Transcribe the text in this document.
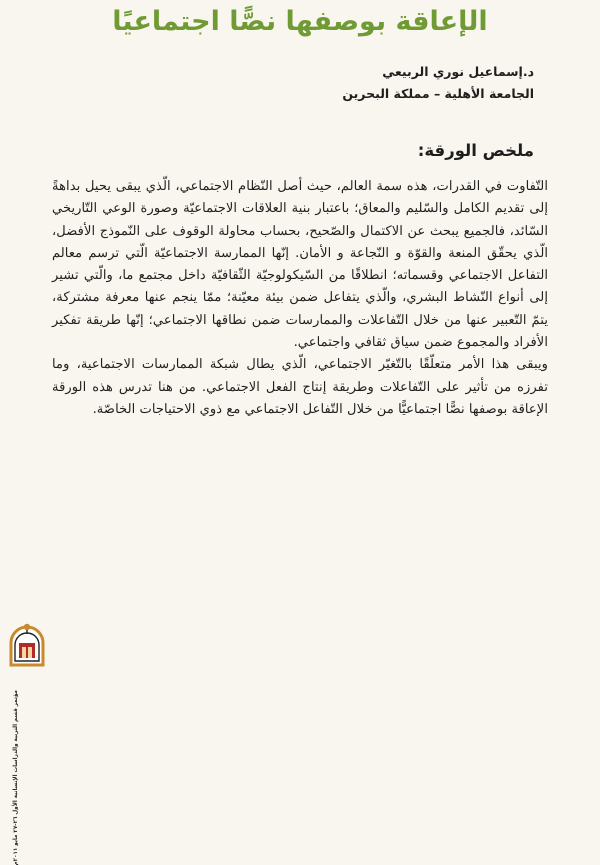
الإعاقة بوصفها نصًّا اجتماعيًا
د.إسماعيل نوري الربيعي
الجامعة الأهلية – مملكة البحرين
ملخص الورقة:

التّفاوت في القدرات، هذه سمة العالم، حيث أصل النّظام الاجتماعي، الّذي يبقى يحيل بداهةً إلى تقديم الكامل والسّليم والمعاق؛ باعتبار بنية العلاقات الاجتماعيّة وصورة الوعي التّاريخي السّائد، فالجميع يبحث عن الاكتمال والصّحيح، بحساب محاولة الوقوف على النّموذج الأفضل، الّذي يحقّق المنعة والقوّة و النّجاعة و الأمان. إنّها الممارسة الاجتماعيّة الّتي ترسم معالم التفاعل الاجتماعي وقسماته؛ انطلاقًا من السّيكولوجيّة الثّقافيّة داخل مجتمع ما، والّتي تشير إلى أنواع النّشاط البشري، والّذي يتفاعل ضمن بيئة معيّنة؛ ممّا ينجم عنها معرفة مشتركة، يتمّ التّعبير عنها من خلال التّفاعلات والممارسات ضمن نطاقها الاجتماعي؛ إنّها طريقة تفكير الأفراد والمجموع ضمن سياق ثقافي واجتماعي.

ويبقى هذا الأمر متعلّقًا بالتّغيّر الاجتماعي، الّذي يطال شبكة الممارسات الاجتماعية، وما تفرزه من تأثير على التّفاعلات وطريقة إنتاج الفعل الاجتماعي. من هنا تدرس هذه الورقة الإعاقة بوصفها نصًّا اجتماعيًّا من خلال التّفاعل الاجتماعي مع ذوي الاحتياجات الخاصّة.

مؤتمر قسم التربية والدراسات الإنسانية الأول ٢٦-٢٧ مايو ٢٠١١م
